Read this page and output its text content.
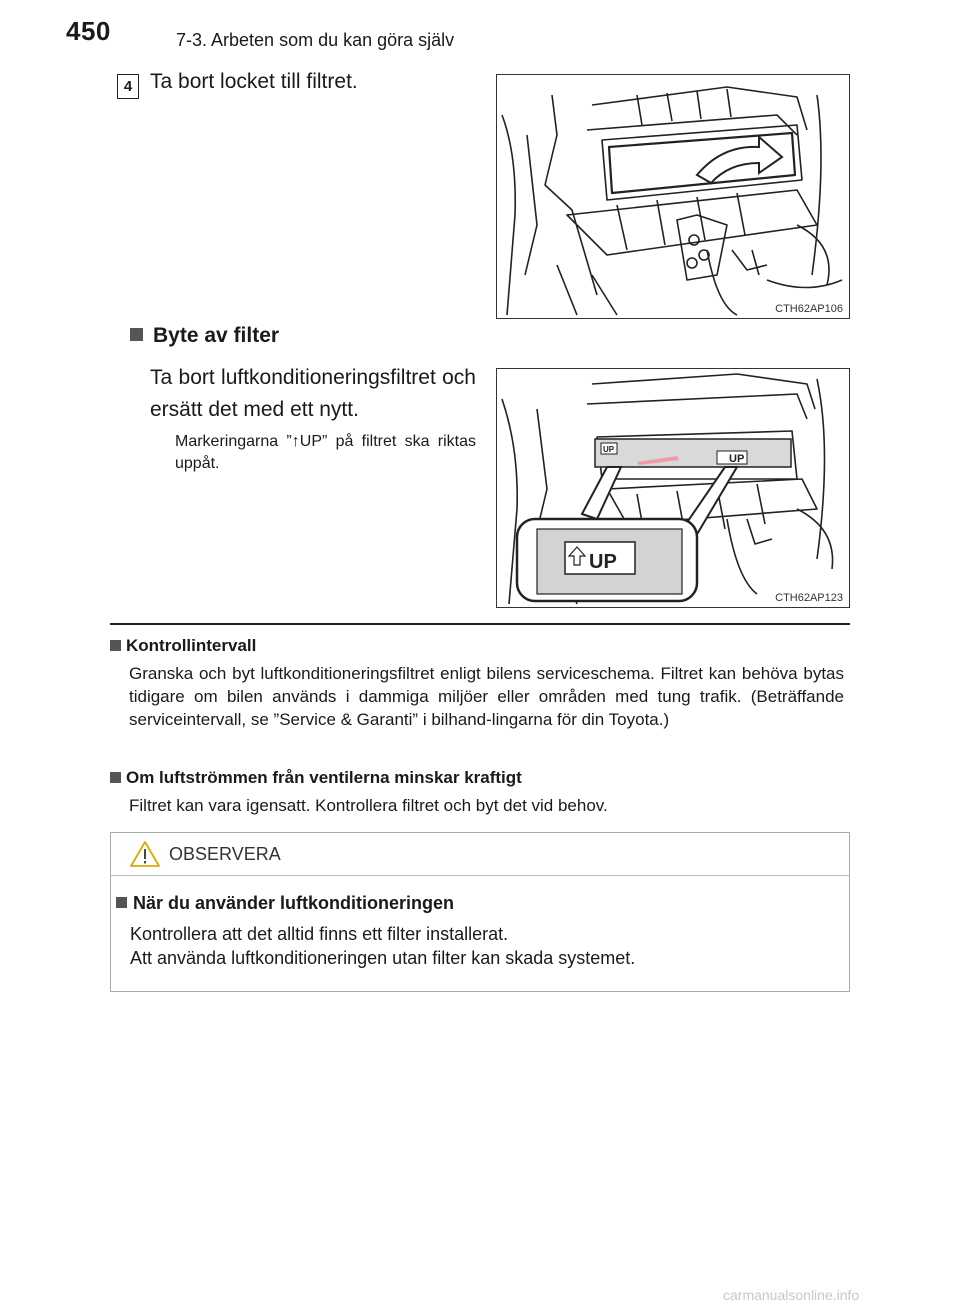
450	7-3. Arbeten som du kan göra själv
4 Ta bort locket till filtret.
CTH62AP106
Byte av filter
Ta bort luftkonditioneringsfiltret och ersätt det med ett nytt.
Markeringarna ”↑UP” på filtret ska riktas uppåt.
UP
UP
UP
CTH62AP123
Kontrollintervall
Granska och byt luftkonditioneringsfiltret enligt bilens serviceschema. Filtret kan behöva bytas tidigare om bilen används i dammiga miljöer eller områden med tung trafik. (Beträffande serviceintervall, se ”Service & Garanti” i bilhand-lingarna för din Toyota.)
Om luftströmmen från ventilerna minskar kraftigt
Filtret kan vara igensatt. Kontrollera filtret och byt det vid behov.
OBSERVERA
När du använder luftkonditioneringen
Kontrollera att det alltid finns ett filter installerat.
Att använda luftkonditioneringen utan filter kan skada systemet.
carmanualsonline.info
